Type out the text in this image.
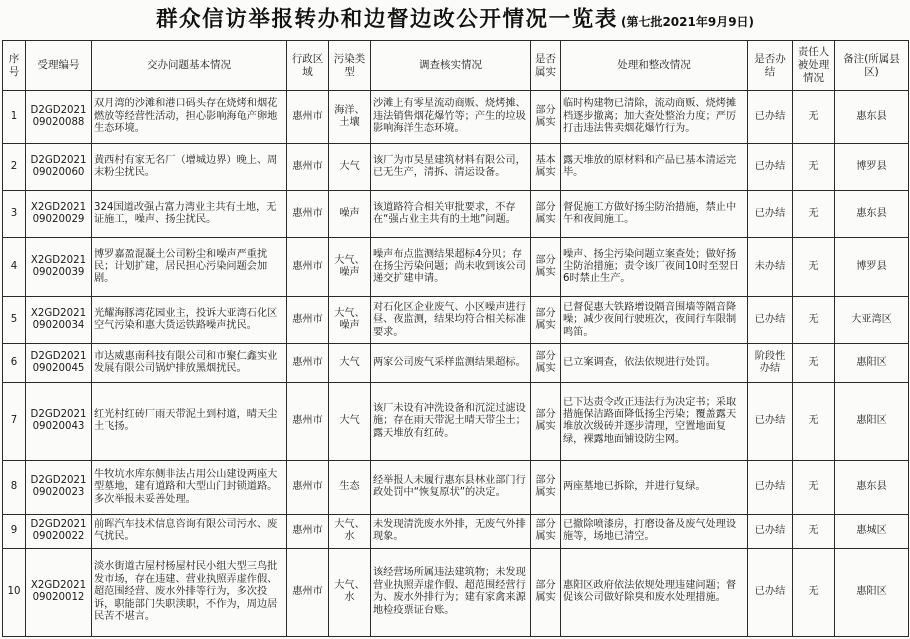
群众信访举报转办和边督边改公开情况一览表 (第七批2021年9月9日)
序号	受理编号	交办问题基本情况	行政区域	污染类型	调查核实情况	是否属实	处理和整改情况	是否办结	责任人被处理情况	备注(所属县区)
1	D2GD2021 09020088	双月湾的沙滩和港口码头存在烧烤和烟花燃放等经营性活动，担心影响海龟产卵地生态环境。	惠州市	海洋、土壤	沙滩上有零星流动商贩、烧烤摊、违法销售烟花爆竹等；产生的垃圾影响海洋生态环境。	部分属实	临时构建物已清除，流动商贩、烧烤摊档逐步撤离；加大查处整治力度；严厉打击违法售卖烟花爆竹行为。	已办结	无	惠东县
2	D2GD2021 09020060	黄西村有家无名厂（增城边界）晚上、周末粉尘扰民。	惠州市	大气	该厂为市昊星建筑材料有限公司，已无生产，清拆、清运设备。	基本属实	露天堆放的原材料和产品已基本清运完毕。	已办结	无	博罗县
3	X2GD2021 09020029	324国道改强占富力湾业主共有土地，无证施工，噪声、扬尘扰民。	惠州市	噪声	该道路符合相关审批要求，不存在“强占业主共有的土地”问题。	部分属实	督促施工方做好扬尘防治措施，禁止中午和夜间施工。	已办结	无	惠东县
4	X2GD2021 09020039	博罗嘉盈混凝土公司粉尘和噪声严重扰民；计划扩建，居民担心污染问题会加剧。	惠州市	大气、噪声	噪声布点监测结果超标4分贝；存在扬尘污染问题；尚未收到该公司递交扩建申请。	部分属实	噪声、扬尘污染问题立案查处；做好扬尘防治措施；责令该厂夜间10时至翌日6时禁止生产。	未办结	无	博罗县
5	X2GD2021 09020034	光耀海豚湾花园业主，投诉大亚湾石化区空气污染和惠大货运铁路噪声扰民。	惠州市	大气、噪声	对石化区企业废气、小区噪声进行昼、夜监测，结果均符合相关标准要求。	部分属实	已督促惠大铁路增设隔音围墙等隔音降噪；减少夜间行驶班次，夜间行车限制鸣笛。	已办结	无	大亚湾区
6	D2GD2021 09020045	市达威惠南科技有限公司和市聚仁鑫实业发展有限公司锅炉排放黑烟扰民。	惠州市	大气	两家公司废气采样监测结果超标。	部分属实	已立案调查，依法依规进行处罚。	阶段性办结	无	惠阳区
7	D2GD2021 09020043	红光村红砖厂雨天带泥土到村道，晴天尘土飞扬。	惠州市	大气	该厂未设有冲洗设备和沉淀过滤设施；存在雨天带泥土晴天带尘土；露天堆放有红砖。	部分属实	已下达责令改正违法行为决定书；采取措施保洁路面降低扬尘污染；覆盖露天堆放次级砖并逐步清理，空置地面复绿，裸露地面铺设防尘网。	已办结	无	惠阳区
8	D2GD2021 09020023	牛牧坑水库东侧非法占用公山建设两座大型墓地，建有道路和大型山门封锁道路。多次举报未妥善处理。	惠州市	生态	经举报人未履行惠东县林业部门行政处罚中“恢复原状”的决定。	部分属实	两座墓地已拆除，并进行复绿。	已办结	无	惠东县
9	D2GD2021 09020022	前晖汽车技术信息咨询有限公司污水、废气扰民。	惠州市	大气、水	未发现清洗废水外排，无废气外排现象。	部分属实	已撤除喷漆房，打磨设备及废气处理设施等，场地已清空。	已办结	无	惠城区
10	X2GD2021 09020012	淡水街道古屋村杨屋村民小组大型三鸟批发市场，存在违建、营业执照弄虚作假、超范围经营、废水外排等行为，多次投诉，职能部门失职渎职，不作为，周边居民苦不堪言。	惠州市	大气、水	该经营场所属违法建筑物；未发现营业执照弄虚作假、超范围经营行为、废水外排行为；建有家禽来源地检疫票证台账。	部分属实	惠阳区政府依法依规处理违建问题；督促该公司做好除臭和废水处理措施。	已办结	无	惠阳区
